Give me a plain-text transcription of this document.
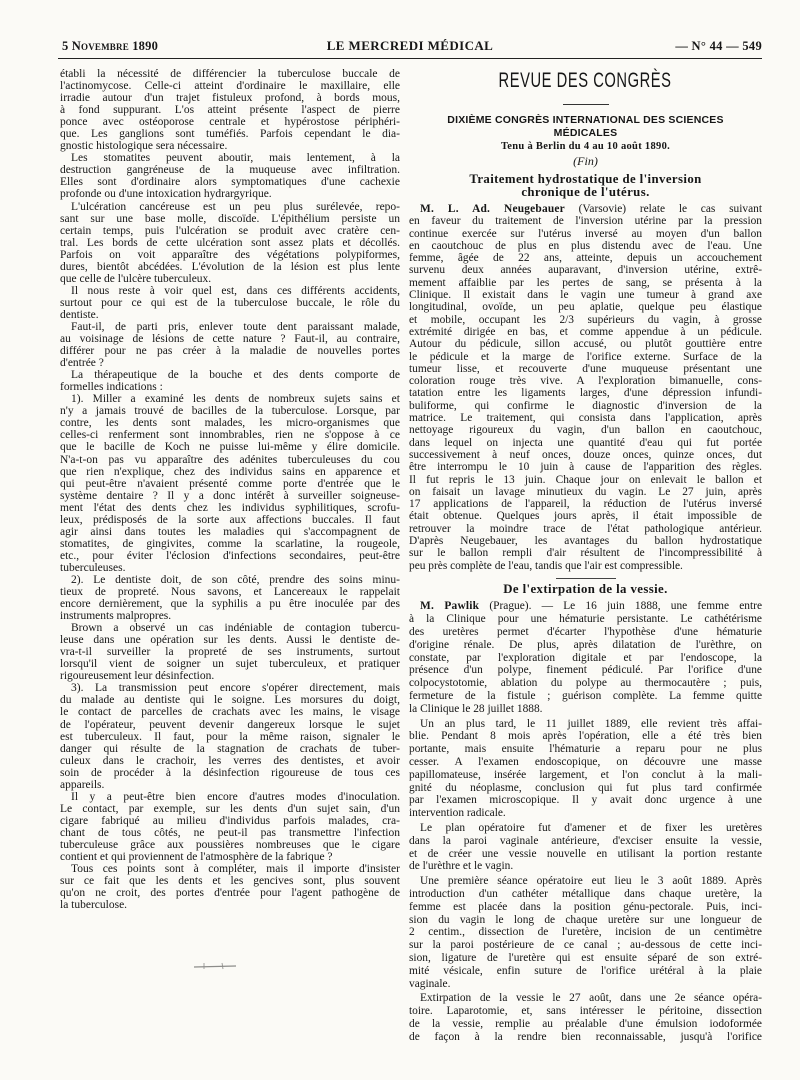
5 Novembre 1890	LE MERCREDI MÉDICAL	— N° 44 — 549
établi la nécessité de différencier la tuberculose buccale de
l'actinomycose. Celle-ci atteint d'ordinaire le maxillaire, elle
irradie autour d'un trajet fistuleux profond, à bords mous,
à fond suppurant. L'os atteint présente l'aspect de pierre
ponce avec ostéoporose centrale et hypérostose périphéri-
que. Les ganglions sont tuméfiés. Parfois cependant le dia-
gnostic histologique sera nécessaire.
Les stomatites peuvent aboutir, mais lentement, à la
destruction gangréneuse de la muqueuse avec infiltration.
Elles sont d'ordinaire alors symptomatiques d'une cachexie
profonde ou d'une intoxication hydrargyrique.
L'ulcération cancéreuse est un peu plus surélevée, repo-
sant sur une base molle, discoïde. L'épithélium persiste un
certain temps, puis l'ulcération se produit avec cratère cen-
tral. Les bords de cette ulcération sont assez plats et décollés.
Parfois on voit apparaître des végétations polypiformes,
dures, bientôt abcédées. L'évolution de la lésion est plus lente
que celle de l'ulcère tuberculeux.
Il nous reste à voir quel est, dans ces différents accidents,
surtout pour ce qui est de la tuberculose buccale, le rôle du
dentiste.
Faut-il, de parti pris, enlever toute dent paraissant malade,
au voisinage de lésions de cette nature ? Faut-il, au contraire,
différer pour ne pas créer à la maladie de nouvelles portes
d'entrée ?
La thérapeutique de la bouche et des dents comporte de
formelles indications :
1). Miller a examiné les dents de nombreux sujets sains et
n'y a jamais trouvé de bacilles de la tuberculose. Lorsque, par
contre, les dents sont malades, les micro-organismes que
celles-ci renferment sont innombrables, rien ne s'oppose à ce
que le bacille de Koch ne puisse lui-même y élire domicile.
N'a-t-on pas vu apparaître des adénites tuberculeuses du cou
que rien n'explique, chez des individus sains en apparence et
qui peut-être n'avaient présenté comme porte d'entrée que le
système dentaire ? Il y a donc intérêt à surveiller soigneuse-
ment l'état des dents chez les individus syphilitiques, scrofu-
leux, prédisposés de la sorte aux affections buccales. Il faut
agir ainsi dans toutes les maladies qui s'accompagnent de
stomatites, de gingivites, comme la scarlatine, la rougeole,
etc., pour éviter l'éclosion d'infections secondaires, peut-être
tuberculeuses.
2). Le dentiste doit, de son côté, prendre des soins minu-
tieux de propreté. Nous savons, et Lancereaux le rappelait
encore dernièrement, que la syphilis a pu être inoculée par des
instruments malpropres.
Brown a observé un cas indéniable de contagion tubercu-
leuse dans une opération sur les dents. Aussi le dentiste de-
vra-t-il surveiller la propreté de ses instruments, surtout
lorsqu'il vient de soigner un sujet tuberculeux, et pratiquer
rigoureusement leur désinfection.
3). La transmission peut encore s'opérer directement, mais
du malade au dentiste qui le soigne. Les morsures du doigt,
le contact de parcelles de crachats avec les mains, le visage
de l'opérateur, peuvent devenir dangereux lorsque le sujet
est tuberculeux. Il faut, pour la même raison, signaler le
danger qui résulte de la stagnation de crachats de tuber-
culeux dans le crachoir, les verres des dentistes, et avoir
soin de procéder à la désinfection rigoureuse de tous ces
appareils.
Il y a peut-être bien encore d'autres modes d'inoculation.
Le contact, par exemple, sur les dents d'un sujet sain, d'un
cigare fabriqué au milieu d'individus parfois malades, cra-
chant de tous côtés, ne peut-il pas transmettre l'infection
tuberculeuse grâce aux poussières nombreuses que le cigare
contient et qui proviennent de l'atmosphère de la fabrique ?
Tous ces points sont à compléter, mais il importe d'insister
sur ce fait que les dents et les gencives sont, plus souvent
qu'on ne croit, des portes d'entrée pour l'agent pathogène de
la tuberculose.
REVUE DES CONGRÈS
DIXIÈME CONGRÈS INTERNATIONAL DES SCIENCES
MÉDICALES
Tenu à Berlin du 4 au 10 août 1890.
(Fin)
Traitement hydrostatique de l'inversion
chronique de l'utérus.
M. L. Ad. Neugebauer (Varsovie) relate le cas suivant
en faveur du traitement de l'inversion utérine par la pression
continue exercée sur l'utérus inversé au moyen d'un ballon
en caoutchouc de plus en plus distendu avec de l'eau. Une
femme, âgée de 22 ans, atteinte, depuis un accouchement
survenu deux années auparavant, d'inversion utérine, extrê-
mement affaiblie par les pertes de sang, se présenta à la
Clinique. Il existait dans le vagin une tumeur à grand axe
longitudinal, ovoïde, un peu aplatie, quelque peu élastique
et mobile, occupant les 2/3 supérieurs du vagin, à grosse
extrémité dirigée en bas, et comme appendue à un pédicule.
Autour du pédicule, sillon accusé, ou plutôt gouttière entre
le pédicule et la marge de l'orifice externe. Surface de la
tumeur lisse, et recouverte d'une muqueuse présentant une
coloration rouge très vive. A l'exploration bimanuelle, cons-
tatation entre les ligaments larges, d'une dépression infundi-
buliforme, qui confirme le diagnostic d'inversion de la
matrice. Le traitement, qui consista dans l'application, après
nettoyage rigoureux du vagin, d'un ballon en caoutchouc,
dans lequel on injecta une quantité d'eau qui fut portée
successivement à neuf onces, douze onces, quinze onces, dut
être interrompu le 10 juin à cause de l'apparition des règles.
Il fut repris le 13 juin. Chaque jour on enlevait le ballon et
on faisait un lavage minutieux du vagin. Le 27 juin, après
17 applications de l'appareil, la réduction de l'utérus inversé
était obtenue. Quelques jours après, il était impossible de
retrouver la moindre trace de l'état pathologique antérieur.
D'après Neugebauer, les avantages du ballon hydrostatique
sur le ballon rempli d'air résultent de l'incompressibilité à
peu près complète de l'eau, tandis que l'air est compressible.
De l'extirpation de la vessie.
M. Pawlik (Prague). — Le 16 juin 1888, une femme entre
à la Clinique pour une hématurie persistante. Le cathétérisme
des uretères permet d'écarter l'hypothèse d'une hématurie
d'origine rénale. De plus, après dilatation de l'urèthre, on
constate, par l'exploration digitale et par l'endoscope, la
présence d'un polype, finement pédiculé. Par l'orifice d'une
colpocystotomie, ablation du polype au thermocautère ; puis,
fermeture de la fistule ; guérison complète. La femme quitte
la Clinique le 28 juillet 1888.
Un an plus tard, le 11 juillet 1889, elle revient très affai-
blie. Pendant 8 mois après l'opération, elle a été très bien
portante, mais ensuite l'hématurie a reparu pour ne plus
cesser. A l'examen endoscopique, on découvre une masse
papillomateuse, insérée largement, et l'on conclut à la mali-
gnité du néoplasme, conclusion qui fut plus tard confirmée
par l'examen microscopique. Il y avait donc urgence à une
intervention radicale.
Le plan opératoire fut d'amener et de fixer les uretères
dans la paroi vaginale antérieure, d'exciser ensuite la vessie,
et de créer une vessie nouvelle en utilisant la portion restante
de l'urèthre et le vagin.
Une première séance opératoire eut lieu le 3 août 1889. Après
introduction d'un cathéter métallique dans chaque uretère, la
femme est placée dans la position génu-pectorale. Puis, inci-
sion du vagin le long de chaque uretère sur une longueur de
2 centim., dissection de l'uretère, incision de un centimètre
sur la paroi postérieure de ce canal ; au-dessous de cette inci-
sion, ligature de l'uretère qui est ensuite séparé de son extré-
mité vésicale, enfin suture de l'orifice urétéral à la plaie
vaginale.
Extirpation de la vessie le 27 août, dans une 2e séance opéra-
toire. Laparotomie, et, sans intéresser le péritoine, dissection
de la vessie, remplie au préalable d'une émulsion iodoformée
de façon à la rendre bien reconnaissable, jusqu'à l'orifice
